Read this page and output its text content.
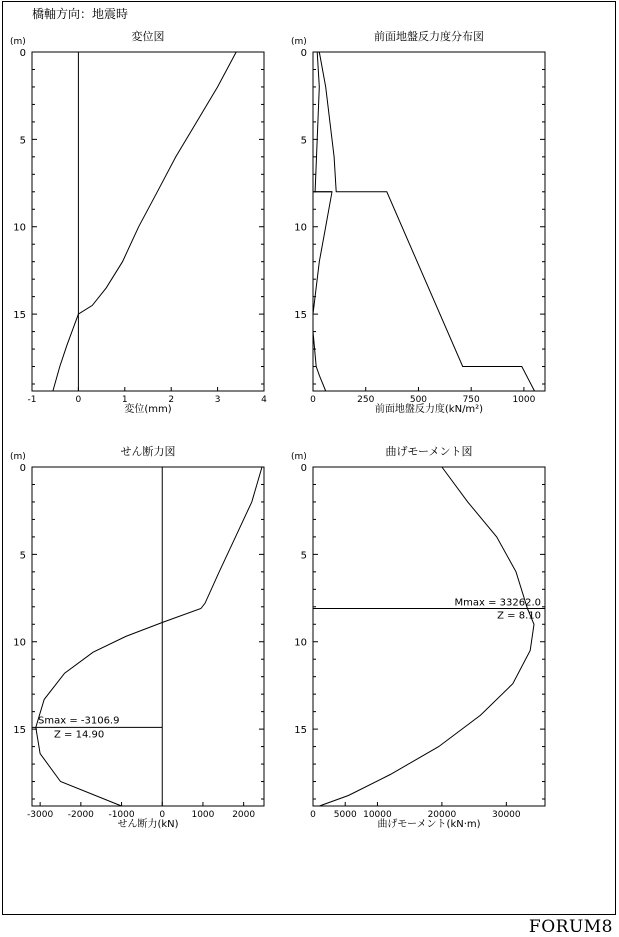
橋軸方向：地震時
FORUM8
変位図
(m)
変位(mm)
0
5
10
15
-1	0	1	2	3	4
前面地盤反力度分布図
(m)
前面地盤反力度(kN/m²)
0
5
10
15
0	250	500	750	1000
せん断力図
(m)
せん断力(kN)
0
5
10
15
-3000 -2000 -1000	0	1000 2000
Smax = -3106.9
Z = 14.90
曲げモーメント図
(m)
曲げモーメント(kN·m)
0
5
10
15
0 5000 10000	20000	30000
Mmax = 33262.0
Z = 8.10
